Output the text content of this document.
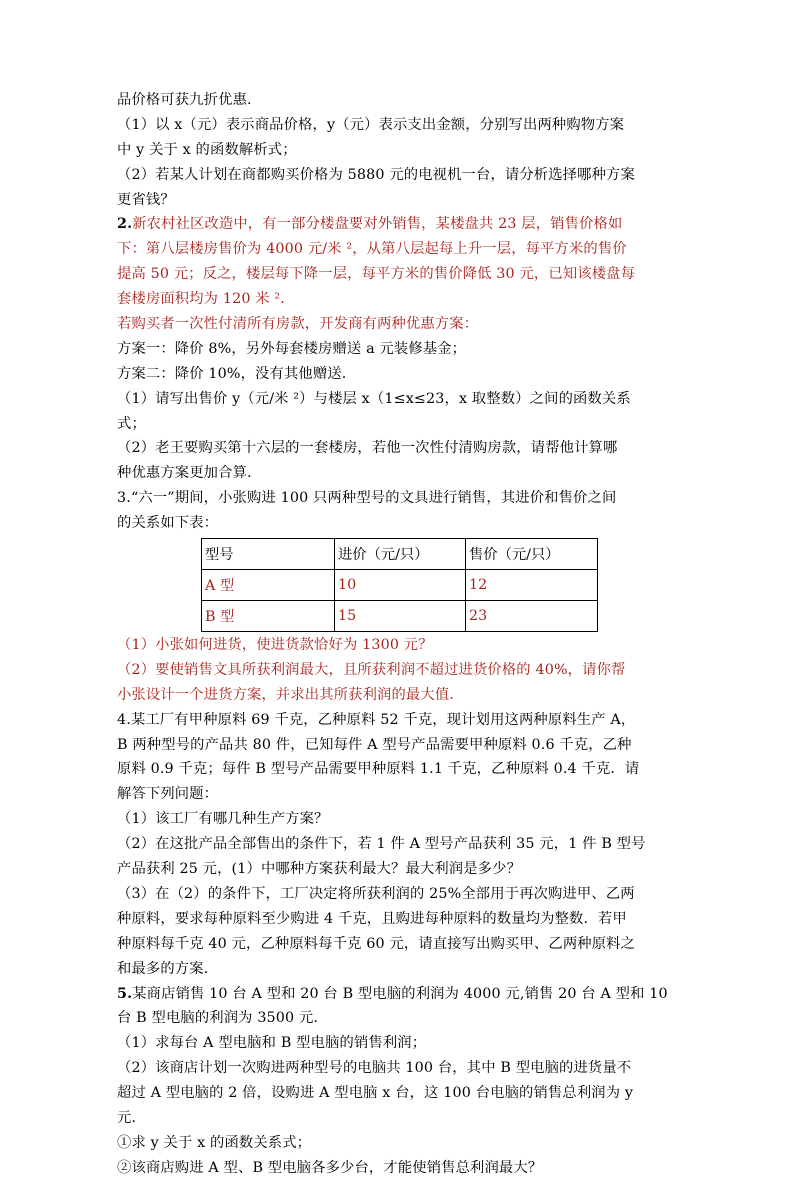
品价格可获九折优惠.
（1）以 x（元）表示商品价格，y（元）表示支出金额，分别写出两种购物方案
中 y 关于 x 的函数解析式；
（2）若某人计划在商都购买价格为 5880 元的电视机一台，请分析选择哪种方案
更省钱？
2.新农村社区改造中，有一部分楼盘要对外销售，某楼盘共 23 层，销售价格如
下：第八层楼房售价为 4000 元/米 ²，从第八层起每上升一层，每平方米的售价
提高 50 元；反之，楼层每下降一层，每平方米的售价降低 30 元，已知该楼盘每
套楼房面积均为 120 米 ².
若购买者一次性付清所有房款，开发商有两种优惠方案：
方案一：降价 8%，另外每套楼房赠送 a 元装修基金；
方案二：降价 10%，没有其他赠送.
（1）请写出售价 y（元/米 ²）与楼层 x（1≤x≤23，x 取整数）之间的函数关系
式；
（2）老王要购买第十六层的一套楼房，若他一次性付清购房款，请帮他计算哪
种优惠方案更加合算.
3.“六一”期间，小张购进 100 只两种型号的文具进行销售，其进价和售价之间
的关系如下表：
型号	进价（元/只）	售价（元/只）
A 型	10	12
B 型	15	23
（1）小张如何进货，使进货款恰好为 1300 元？
（2）要使销售文具所获利润最大，且所获利润不超过进货价格的 40%，请你帮
小张设计一个进货方案，并求出其所获利润的最大值.
4.某工厂有甲种原料 69 千克，乙种原料 52 千克，现计划用这两种原料生产 A，
B 两种型号的产品共 80 件，已知每件 A 型号产品需要甲种原料 0.6 千克，乙种
原料 0.9 千克；每件 B 型号产品需要甲种原料 1.1 千克，乙种原料 0.4 千克．请
解答下列问题：
（1）该工厂有哪几种生产方案？
（2）在这批产品全部售出的条件下，若 1 件 A 型号产品获利 35 元，1 件 B 型号
产品获利 25 元，(1）中哪种方案获利最大？最大利润是多少？
（3）在（2）的条件下，工厂决定将所获利润的 25%全部用于再次购进甲、乙两
种原料，要求每种原料至少购进 4 千克，且购进每种原料的数量均为整数．若甲
种原料每千克 40 元，乙种原料每千克 60 元，请直接写出购买甲、乙两种原料之
和最多的方案.
5.某商店销售 10 台 A 型和 20 台 B 型电脑的利润为 4000 元,销售 20 台 A 型和 10
台 B 型电脑的利润为 3500 元.
（1）求每台 A 型电脑和 B 型电脑的销售利润；
（2）该商店计划一次购进两种型号的电脑共 100 台，其中 B 型电脑的进货量不
超过 A 型电脑的 2 倍，设购进 A 型电脑 x 台，这 100 台电脑的销售总利润为 y
元.
①求 y 关于 x 的函数关系式；
②该商店购进 A 型、B 型电脑各多少台，才能使销售总利润最大？
